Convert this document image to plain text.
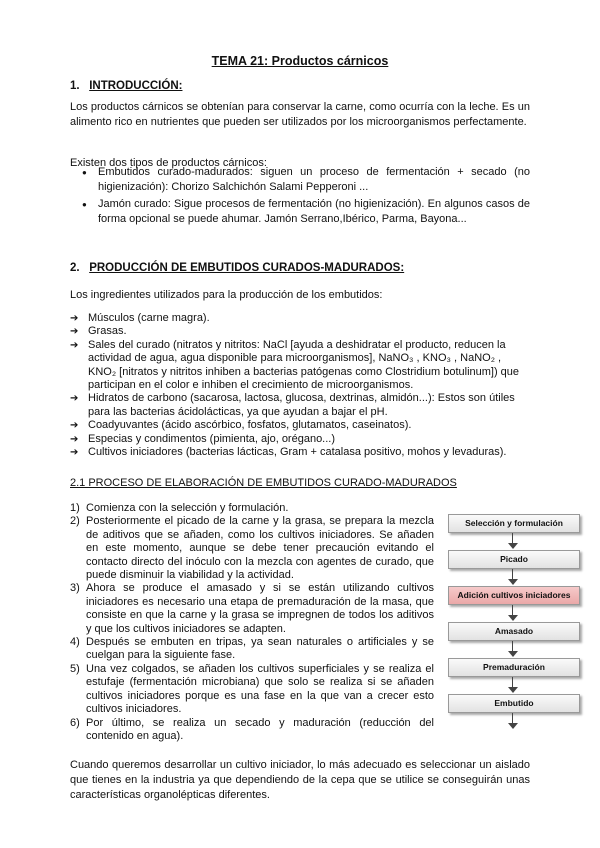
TEMA 21: Productos cárnicos
1. INTRODUCCIÓN:
Los productos cárnicos se obtenían para conservar la carne, como ocurría con la leche. Es un alimento rico en nutrientes que pueden ser utilizados por los microorganismos perfectamente.
Existen dos tipos de productos cárnicos:
● Embutidos curado-madurados: siguen un proceso de fermentación + secado (no higienización): Chorizo Salchichón Salami Pepperoni ...
● Jamón curado: Sigue procesos de fermentación (no higienización). En algunos casos de forma opcional se puede ahumar. Jamón Serrano,Ibérico, Parma, Bayona...
2. PRODUCCIÓN DE EMBUTIDOS CURADOS-MADURADOS:
Los ingredientes utilizados para la producción de los embutidos:
➔ Músculos (carne magra).
➔ Grasas.
➔ Sales del curado (nitratos y nitritos: NaCl [ayuda a deshidratar el producto, reducen la actividad de agua, agua disponible para microorganismos], NaNO₃ , KNO₃ , NaNO₂ , KNO₂ [nitratos y nitritos inhiben a bacterias patógenas como Clostridium botulinum]) que participan en el color e inhiben el crecimiento de microorganismos.
➔ Hidratos de carbono (sacarosa, lactosa, glucosa, dextrinas, almidón...): Estos son útiles para las bacterias ácidolácticas, ya que ayudan a bajar el pH.
➔ Coadyuvantes (ácido ascórbico, fosfatos, glutamatos, caseinatos).
➔ Especias y condimentos (pimienta, ajo, orégano...)
➔ Cultivos iniciadores (bacterias lácticas, Gram + catalasa positivo, mohos y levaduras).
2.1 PROCESO DE ELABORACIÓN DE EMBUTIDOS CURADO-MADURADOS
1) Comienza con la selección y formulación.
2) Posteriormente el picado de la carne y la grasa, se prepara la mezcla de aditivos que se añaden, como los cultivos iniciadores. Se añaden en este momento, aunque se debe tener precaución evitando el contacto directo del inóculo con la mezcla con agentes de curado, que puede disminuir la viabilidad y la actividad.
3) Ahora se produce el amasado y si se están utilizando cultivos iniciadores es necesario una etapa de premaduración de la masa, que consiste en que la carne y la grasa se impregnen de todos los aditivos y que los cultivos iniciadores se adapten.
4) Después se embuten en tripas, ya sean naturales o artificiales y se cuelgan para la siguiente fase.
5) Una vez colgados, se añaden los cultivos superficiales y se realiza el estufaje (fermentación microbiana) que solo se realiza si se añaden cultivos iniciadores porque es una fase en la que van a crecer esto cultivos iniciadores.
6) Por último, se realiza un secado y maduración (reducción del contenido en agua).
Selección y formulación
Picado
Adición cultivos iniciadores
Amasado
Premaduración
Embutido
Cuando queremos desarrollar un cultivo iniciador, lo más adecuado es seleccionar un aislado que tienes en la industria ya que dependiendo de la cepa que se utilice se conseguirán unas características organolépticas diferentes.
